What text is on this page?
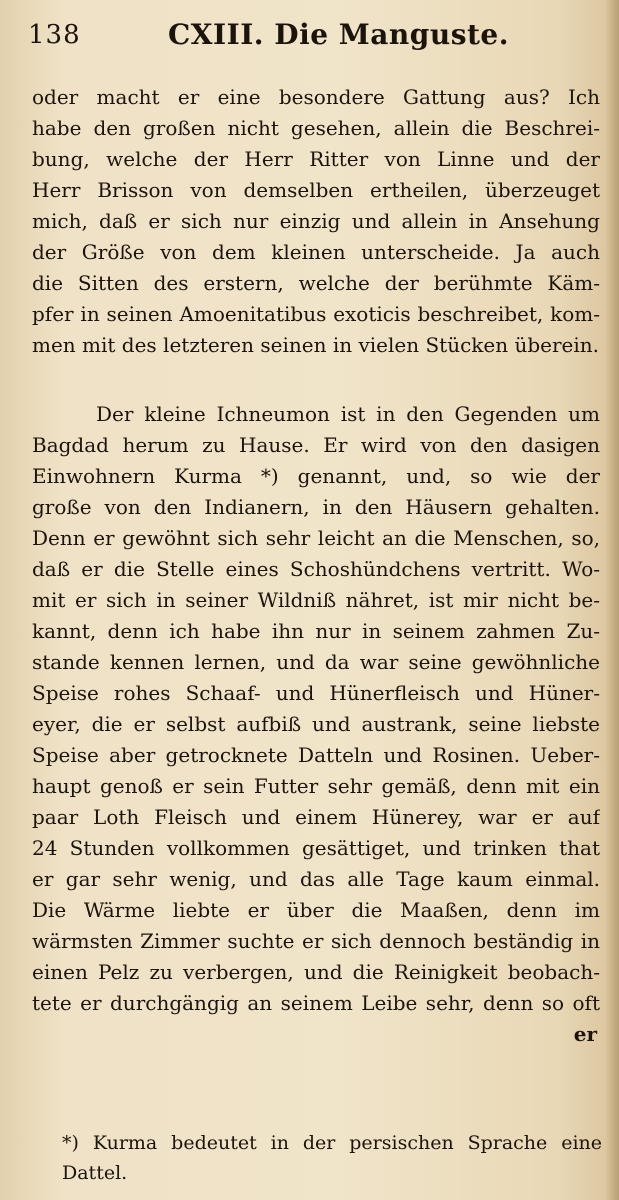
138	CXIII. Die Manguste.
oder macht er eine besondere Gattung aus? Ich
habe den großen nicht gesehen, allein die Beschrei-
bung, welche der Herr Ritter von Linne und der
Herr Brisson von demselben ertheilen, überzeuget
mich, daß er sich nur einzig und allein in Ansehung
der Größe von dem kleinen unterscheide. Ja auch
die Sitten des erstern, welche der berühmte Käm-
pfer in seinen Amoenitatibus exoticis beschreibet, kom-
men mit des letzteren seinen in vielen Stücken überein.
Der kleine Ichneumon ist in den Gegenden um
Bagdad herum zu Hause. Er wird von den dasigen
Einwohnern Kurma *) genannt, und, so wie der
große von den Indianern, in den Häusern gehalten.
Denn er gewöhnt sich sehr leicht an die Menschen, so,
daß er die Stelle eines Schoshündchens vertritt. Wo-
mit er sich in seiner Wildniß nähret, ist mir nicht be-
kannt, denn ich habe ihn nur in seinem zahmen Zu-
stande kennen lernen, und da war seine gewöhnliche
Speise rohes Schaaf- und Hünerfleisch und Hüner-
eyer, die er selbst aufbiß und austrank, seine liebste
Speise aber getrocknete Datteln und Rosinen. Ueber-
haupt genoß er sein Futter sehr gemäß, denn mit ein
paar Loth Fleisch und einem Hünerey, war er auf
24 Stunden vollkommen gesättiget, und trinken that
er gar sehr wenig, und das alle Tage kaum einmal.
Die Wärme liebte er über die Maaßen, denn im
wärmsten Zimmer suchte er sich dennoch beständig in
einen Pelz zu verbergen, und die Reinigkeit beobach-
tete er durchgängig an seinem Leibe sehr, denn so oft
er
*) Kurma bedeutet in der persischen Sprache eine
Dattel.
